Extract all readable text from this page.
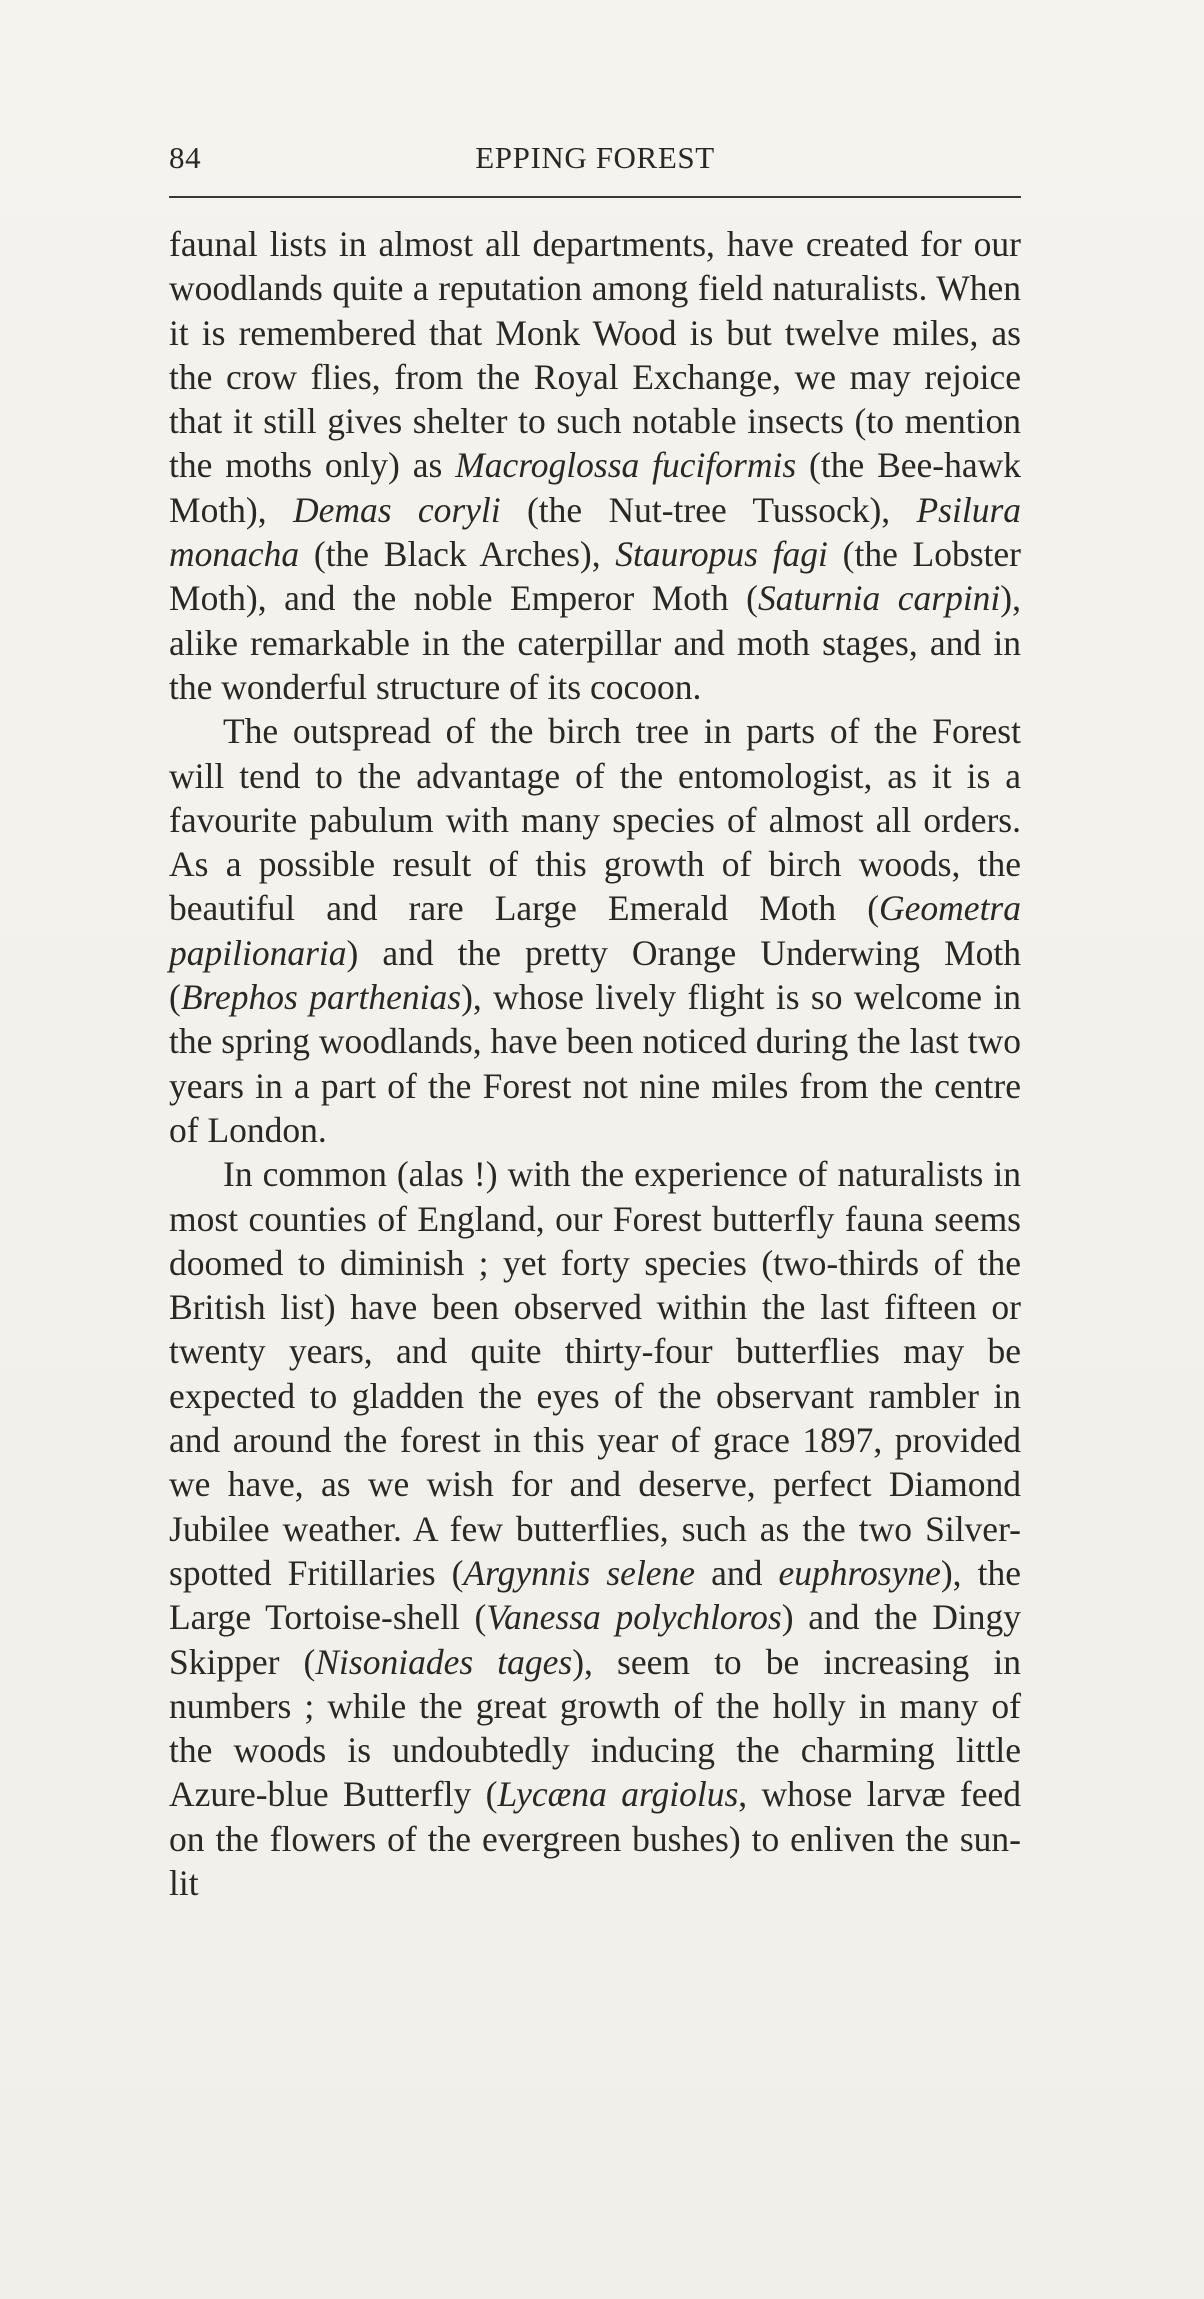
84	EPPING FOREST

faunal lists in almost all departments, have created for our woodlands quite a reputation among field naturalists. When it is remembered that Monk Wood is but twelve miles, as the crow flies, from the Royal Exchange, we may rejoice that it still gives shelter to such notable insects (to mention the moths only) as Macroglossa fuciformis (the Bee-hawk Moth), Demas coryli (the Nut-tree Tussock), Psilura monacha (the Black Arches), Stauropus fagi (the Lobster Moth), and the noble Emperor Moth (Saturnia carpini), alike remarkable in the caterpillar and moth stages, and in the wonderful structure of its cocoon.

The outspread of the birch tree in parts of the Forest will tend to the advantage of the entomologist, as it is a favourite pabulum with many species of almost all orders. As a possible result of this growth of birch woods, the beautiful and rare Large Emerald Moth (Geometra papilionaria) and the pretty Orange Underwing Moth (Brephos parthenias), whose lively flight is so welcome in the spring woodlands, have been noticed during the last two years in a part of the Forest not nine miles from the centre of London.

In common (alas !) with the experience of naturalists in most counties of England, our Forest butterfly fauna seems doomed to diminish ; yet forty species (two-thirds of the British list) have been observed within the last fifteen or twenty years, and quite thirty-four butterflies may be expected to gladden the eyes of the observant rambler in and around the forest in this year of grace 1897, provided we have, as we wish for and deserve, perfect Diamond Jubilee weather. A few butterflies, such as the two Silver-spotted Fritillaries (Argynnis selene and euphrosyne), the Large Tortoise-shell (Vanessa polychloros) and the Dingy Skipper (Nisoniades tages), seem to be increasing in numbers ; while the great growth of the holly in many of the woods is undoubtedly inducing the charming little Azure-blue Butterfly (Lycæna argiolus, whose larvæ feed on the flowers of the evergreen bushes) to enliven the sun-lit
